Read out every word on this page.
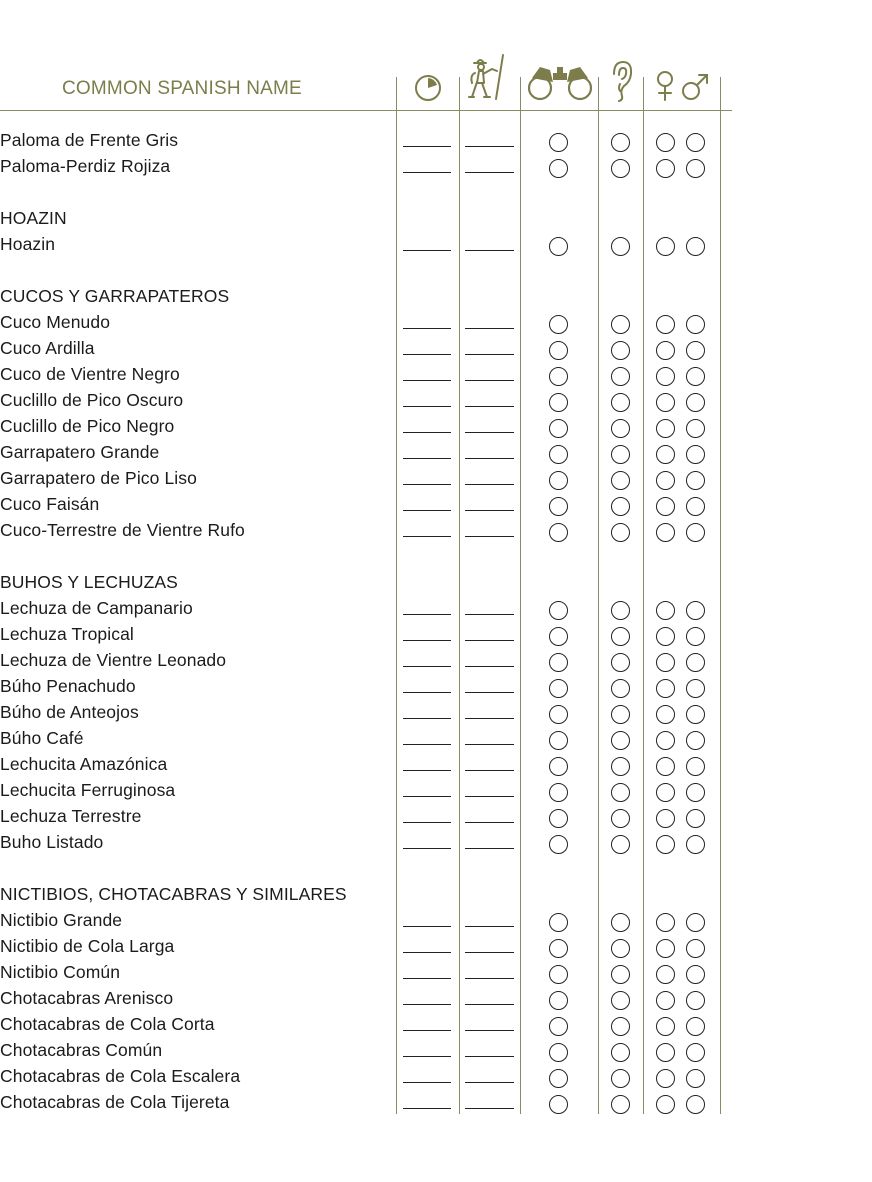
COMMON SPANISH NAME
Paloma de Frente Gris
Paloma-Perdiz Rojiza
HOAZIN
Hoazin
CUCOS Y GARRAPATEROS
Cuco Menudo
Cuco Ardilla
Cuco de Vientre Negro
Cuclillo de Pico Oscuro
Cuclillo de Pico Negro
Garrapatero Grande
Garrapatero de Pico Liso
Cuco Faisán
Cuco-Terrestre de Vientre Rufo
BUHOS Y LECHUZAS
Lechuza de Campanario
Lechuza Tropical
Lechuza de Vientre Leonado
Búho Penachudo
Búho de Anteojos
Búho Café
Lechucita Amazónica
Lechucita Ferruginosa
Lechuza Terrestre
Buho Listado
NICTIBIOS, CHOTACABRAS Y SIMILARES
Nictibio Grande
Nictibio de Cola Larga
Nictibio Común
Chotacabras Arenisco
Chotacabras de Cola Corta
Chotacabras Común
Chotacabras de Cola Escalera
Chotacabras de Cola Tijereta
